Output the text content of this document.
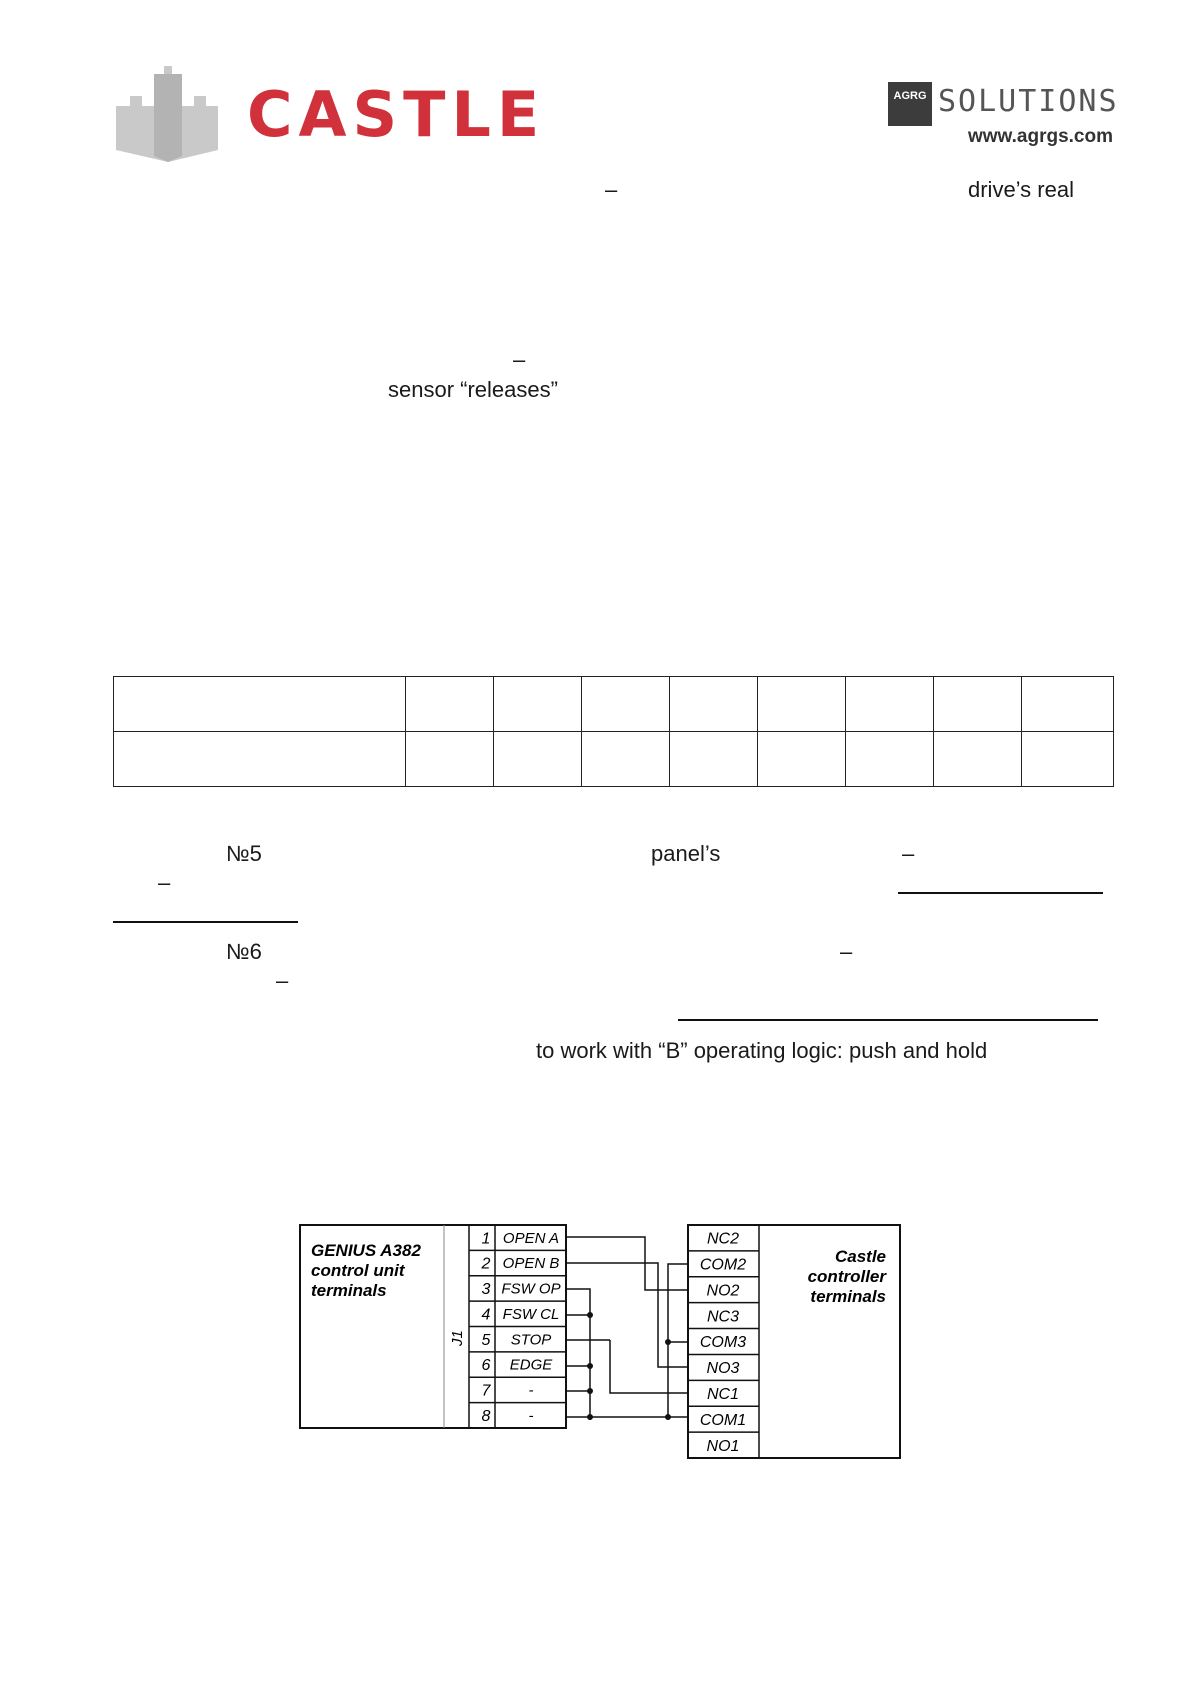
CASTLE	AGRG SOLUTIONS
www.agrgs.com
–	drive’s real
–
sensor “releases”

№5	panel’s	–
–
№6	–
–
to work with “B” operating logic: push and hold
GENIUS A382
control unit
terminals
J1
1 OPEN A
2 OPEN B
3 FSW OP
4 FSW CL
5 STOP
6 EDGE
7	-
8	-
Castle
controller
terminals
NC2
COM2
NO2
NC3
COM3
NO3
NC1
COM1
NO1
